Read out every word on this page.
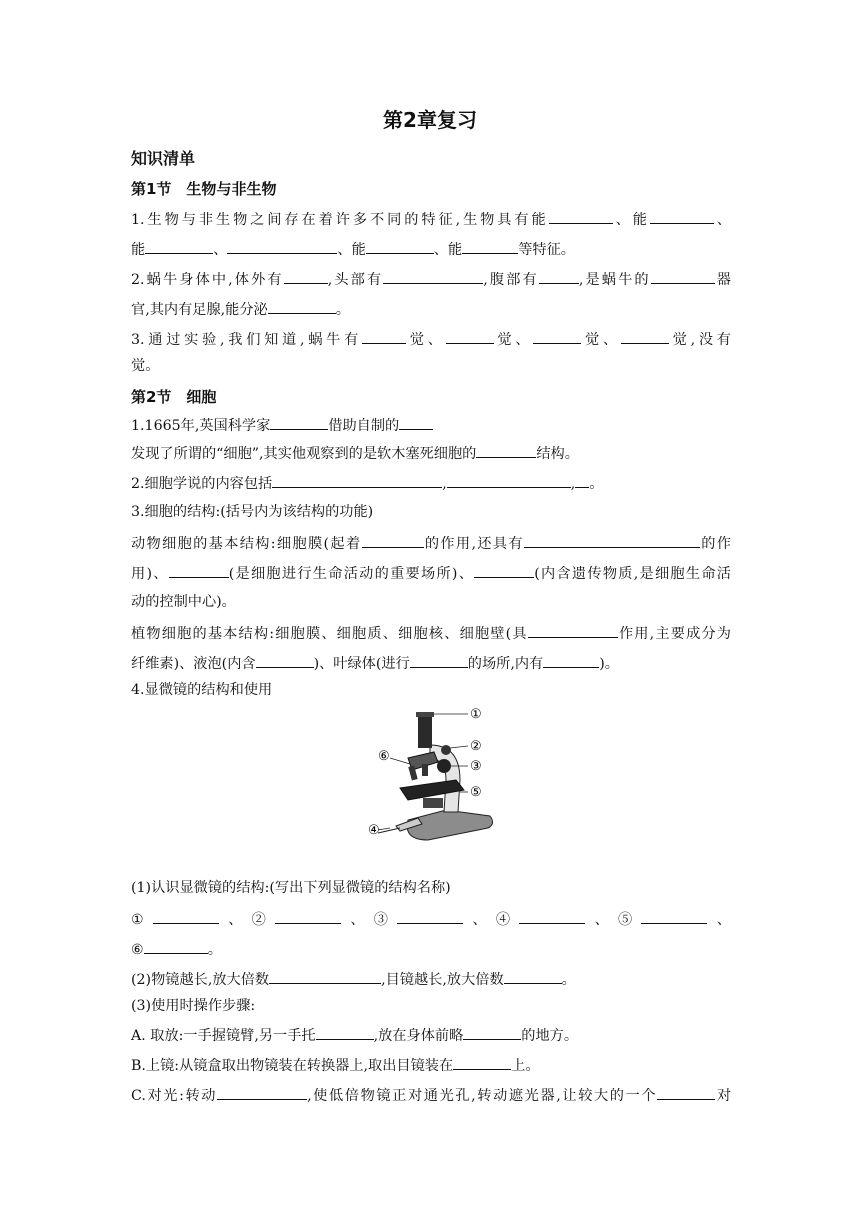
第2章复习
知识清单
第1节　生物与非生物
1.生物与非生物之间存在着许多不同的特征,生物具有能	、能	、
能	、	、能	、能	等特征。
2.蜗牛身体中,体外有	,头部有	,腹部有	,是蜗牛的	器
官,其内有足腺,能分泌	。
3.通过实验,我们知道,蜗牛有	觉、	觉、	觉、	觉,没有
觉。
第2节　细胞
1.1665年,英国科学家	借助自制的
发现了所谓的“细胞”,其实他观察到的是软木塞死细胞的	结构。
2.细胞学说的内容包括	,	, 。
3.细胞的结构:(括号内为该结构的功能)
动物细胞的基本结构:细胞膜(起着	的作用,还具有	的作
用)、	(是细胞进行生命活动的重要场所)、	(内含遗传物质,是细胞生命活
动的控制中心)。
植物细胞的基本结构:细胞膜、细胞质、细胞核、细胞壁(具	作用,主要成分为
纤维素)、液泡(内含	)、叶绿体(进行	的场所,内有	)。
4.显微镜的结构和使用
①
②
③
④
⑤
⑥
(1)认识显微镜的结构:(写出下列显微镜的结构名称)
①	、②	、③	、④	、⑤	、
⑥	。
(2)物镜越长,放大倍数	,目镜越长,放大倍数	。
(3)使用时操作步骤:
A. 取放:一手握镜臂,另一手托	,放在身体前略	的地方。
B.上镜:从镜盒取出物镜装在转换器上,取出目镜装在	上。
C.对光:转动	,使低倍物镜正对通光孔,转动遮光器,让较大的一个	对
